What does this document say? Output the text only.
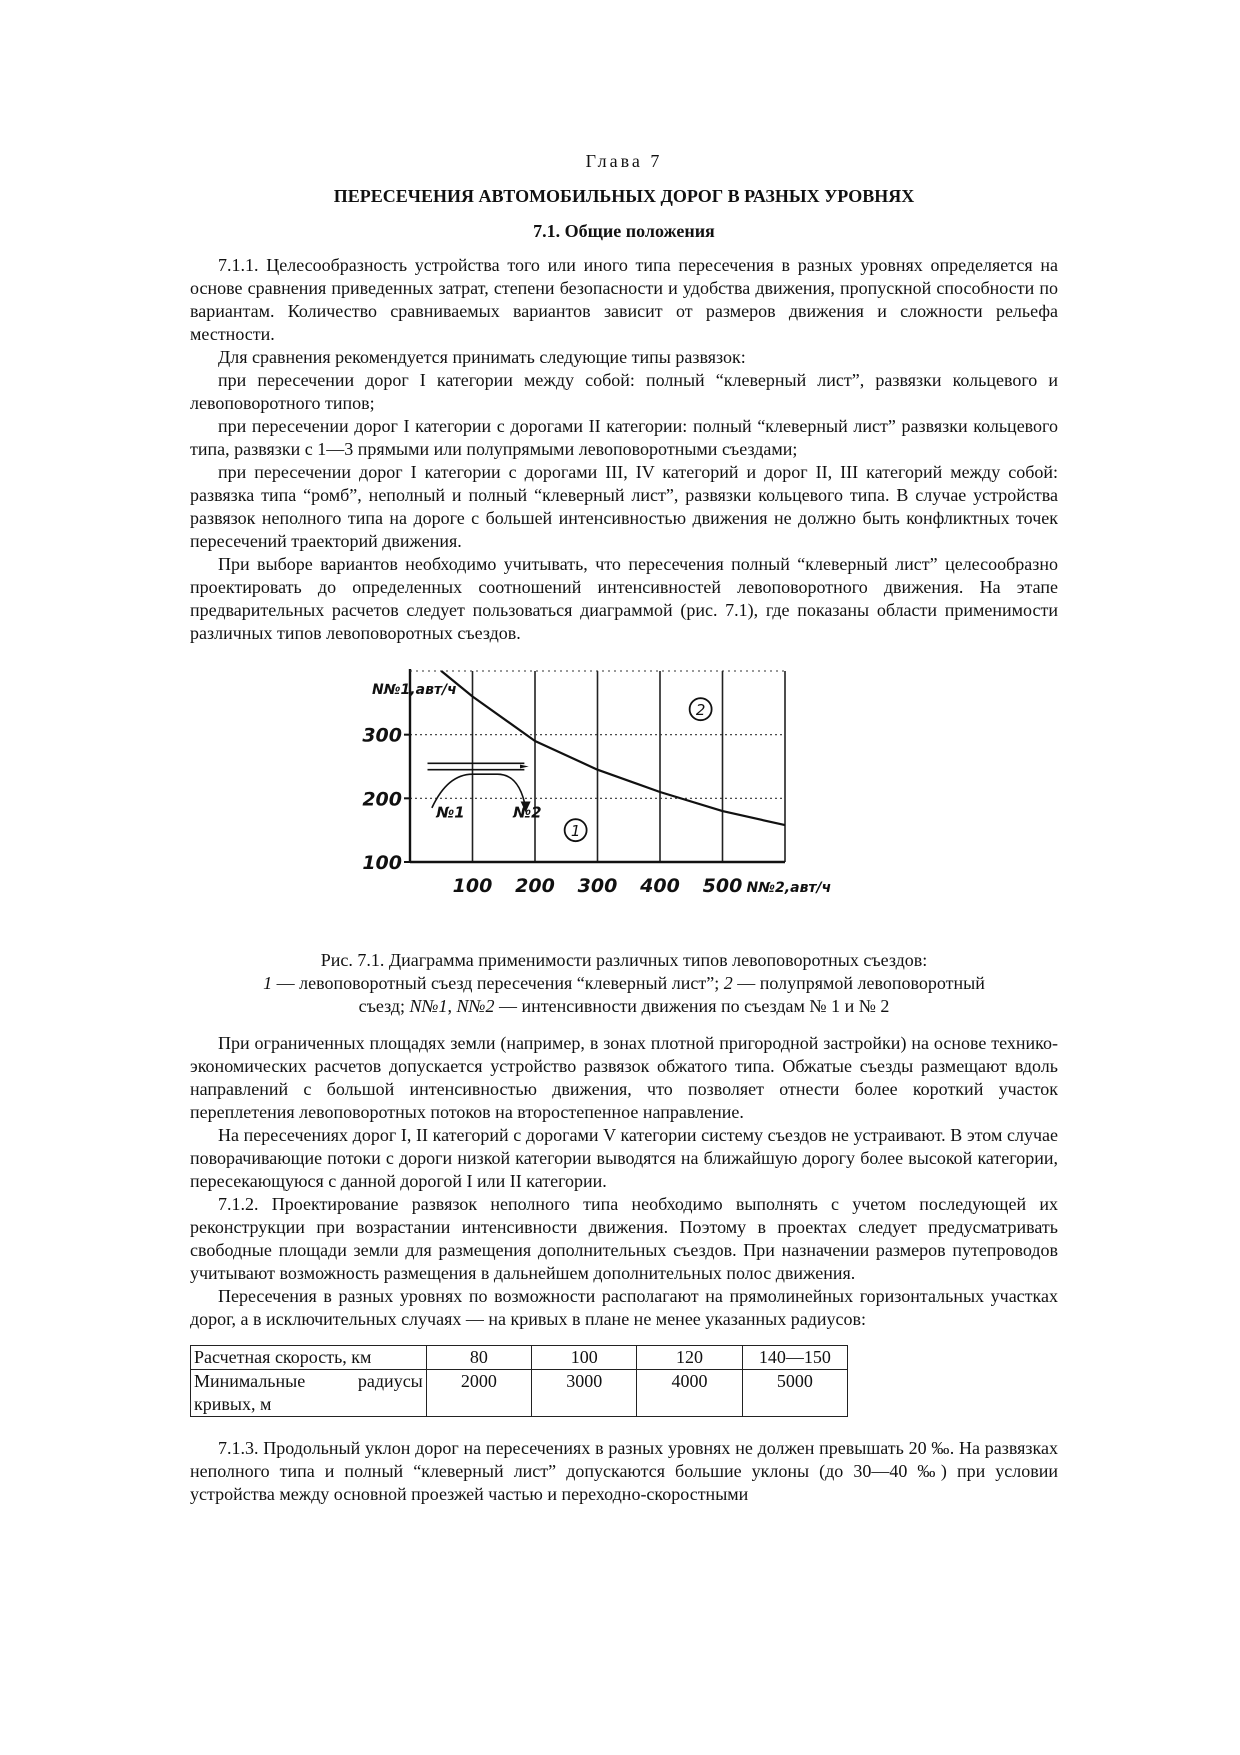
Глава 7
ПЕРЕСЕЧЕНИЯ АВТОМОБИЛЬНЫХ ДОРОГ В РАЗНЫХ УРОВНЯХ
7.1. Общие положения

7.1.1. Целесообразность устройства того или иного типа пересечения в разных уровнях определяется на основе сравнения приведенных затрат, степени безопасности и удобства движения, пропускной способности по вариантам. Количество сравниваемых вариантов зависит от размеров движения и сложности рельефа местности.

Для сравнения рекомендуется принимать следующие типы развязок:

при пересечении дорог I категории между собой: полный “клеверный лист”, развязки кольцевого и левоповоротного типов;

при пересечении дорог I категории с дорогами II категории: полный “клеверный лист” развязки кольцевого типа, развязки с 1—3 прямыми или полупрямыми левоповоротными съездами;

при пересечении дорог I категории с дорогами III, IV категорий и дорог II, III категорий между собой: развязка типа “ромб”, неполный и полный “клеверный лист”, развязки кольцевого типа. В случае устройства развязок неполного типа на дороге с большей интенсивностью движения не должно быть конфликтных точек пересечений траекторий движения.

При выборе вариантов необходимо учитывать, что пересечения полный “клеверный лист” целесообразно проектировать до определенных соотношений интенсивностей левоповоротного движения. На этапе предварительных расчетов следует пользоваться диаграммой (рис. 7.1), где показаны области применимости различных типов левоповоротных съездов.

100
200
300
100 200 300 400 500
N№1,авт/ч
N№2,авт/ч
1
2
№1	№2

Рис. 7.1. Диаграмма применимости различных типов левоповоротных съездов:

1 — левоповоротный съезд пересечения “клеверный лист”; 2 — полупрямой левоповоротный

съезд; N№1, N№2 — интенсивности движения по съездам № 1 и № 2

При ограниченных площадях земли (например, в зонах плотной пригородной застройки) на основе технико-экономических расчетов допускается устройство развязок обжатого типа. Обжатые съезды размещают вдоль направлений с большой интенсивностью движения, что позволяет отнести более короткий участок переплетения левоповоротных потоков на второстепенное направление.

На пересечениях дорог I, II категорий с дорогами V категории систему съездов не устраивают. В этом случае поворачивающие потоки с дороги низкой категории выводятся на ближайшую дорогу более высокой категории, пересекающуюся с данной дорогой I или II категории.

7.1.2. Проектирование развязок неполного типа необходимо выполнять с учетом последующей их реконструкции при возрастании интенсивности движения. Поэтому в проектах следует предусматривать свободные площади земли для размещения дополнительных съездов. При назначении размеров путепроводов учитывают возможность размещения в дальнейшем дополнительных полос движения.

Пересечения в разных уровнях по возможности располагают на прямолинейных горизонтальных участках дорог, а в исключительных случаях — на кривых в плане не менее указанных радиусов:

Расчетная скорость, км	80	100	120	140—150
Минимальные радиусы кривых, м	2000	3000	4000	5000

7.1.3. Продольный уклон дорог на пересечениях в разных уровнях не должен превышать 20 ‰. На развязках неполного типа и полный “клеверный лист” допускаются большие уклоны (до 30—40 ‰) при условии устройства между основной проезжей частью и переходно-скоростными
